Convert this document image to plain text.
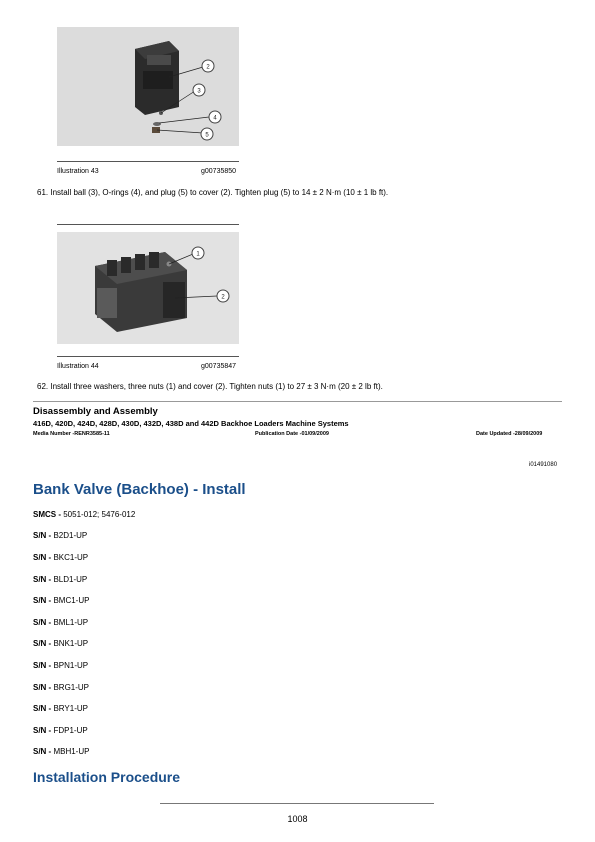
2
3
4
5
Illustration 43	g00735850
61. Install ball (3), O-rings (4), and plug (5) to cover (2). Tighten plug (5) to 14 ± 2 N·m (10 ± 1 lb ft).
1
2
Illustration 44	g00735847
62. Install three washers, three nuts (1) and cover (2). Tighten nuts (1) to 27 ± 3 N·m (20 ± 2 lb ft).
Disassembly and Assembly
416D, 420D, 424D, 428D, 430D, 432D, 438D and 442D Backhoe Loaders Machine Systems
Media Number -RENR3585-11	Publication Date -01/09/2009	Date Updated -28/09/2009
i01491080
Bank Valve (Backhoe) - Install
SMCS - 5051-012; 5476-012
S/N - B2D1-UP
S/N - BKC1-UP
S/N - BLD1-UP
S/N - BMC1-UP
S/N - BML1-UP
S/N - BNK1-UP
S/N - BPN1-UP
S/N - BRG1-UP
S/N - BRY1-UP
S/N - FDP1-UP
S/N - MBH1-UP
Installation Procedure
1008
